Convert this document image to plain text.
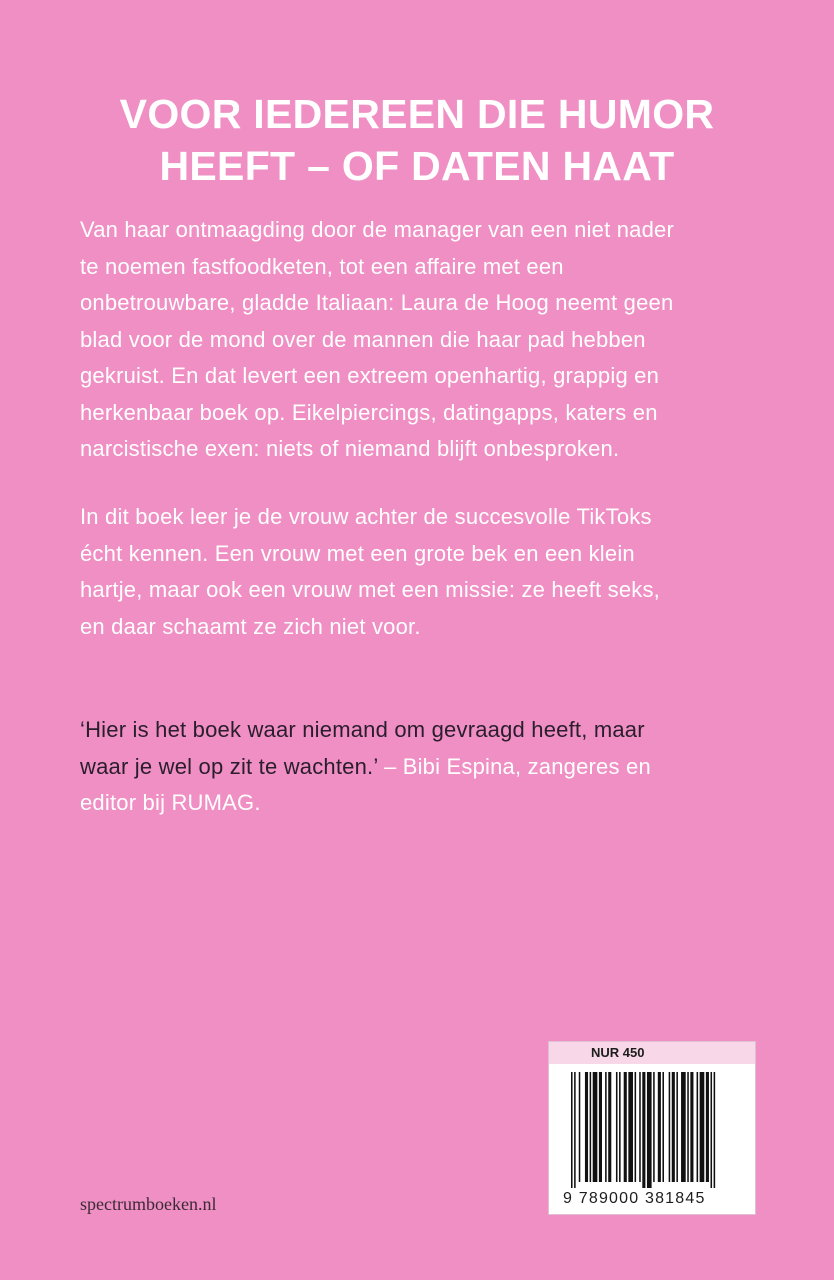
VOOR IEDEREEN DIE HUMOR
HEEFT – OF DATEN HAAT

Van haar ontmaagding door de manager van een niet nader
te noemen fastfoodketen, tot een affaire met een
onbetrouwbare, gladde Italiaan: Laura de Hoog neemt geen
blad voor de mond over de mannen die haar pad hebben
gekruist. En dat levert een extreem openhartig, grappig en
herkenbaar boek op. Eikelpiercings, datingapps, katers en
narcistische exen: niets of niemand blijft onbesproken.

In dit boek leer je de vrouw achter de succesvolle TikToks
écht kennen. Een vrouw met een grote bek en een klein
hartje, maar ook een vrouw met een missie: ze heeft seks,
en daar schaamt ze zich niet voor.

‘Hier is het boek waar niemand om gevraagd heeft, maar
waar je wel op zit te wachten.’ – Bibi Espina, zangeres en
editor bij RUMAG.

spectrumboeken.nl
NUR 450
9 789000 381845
